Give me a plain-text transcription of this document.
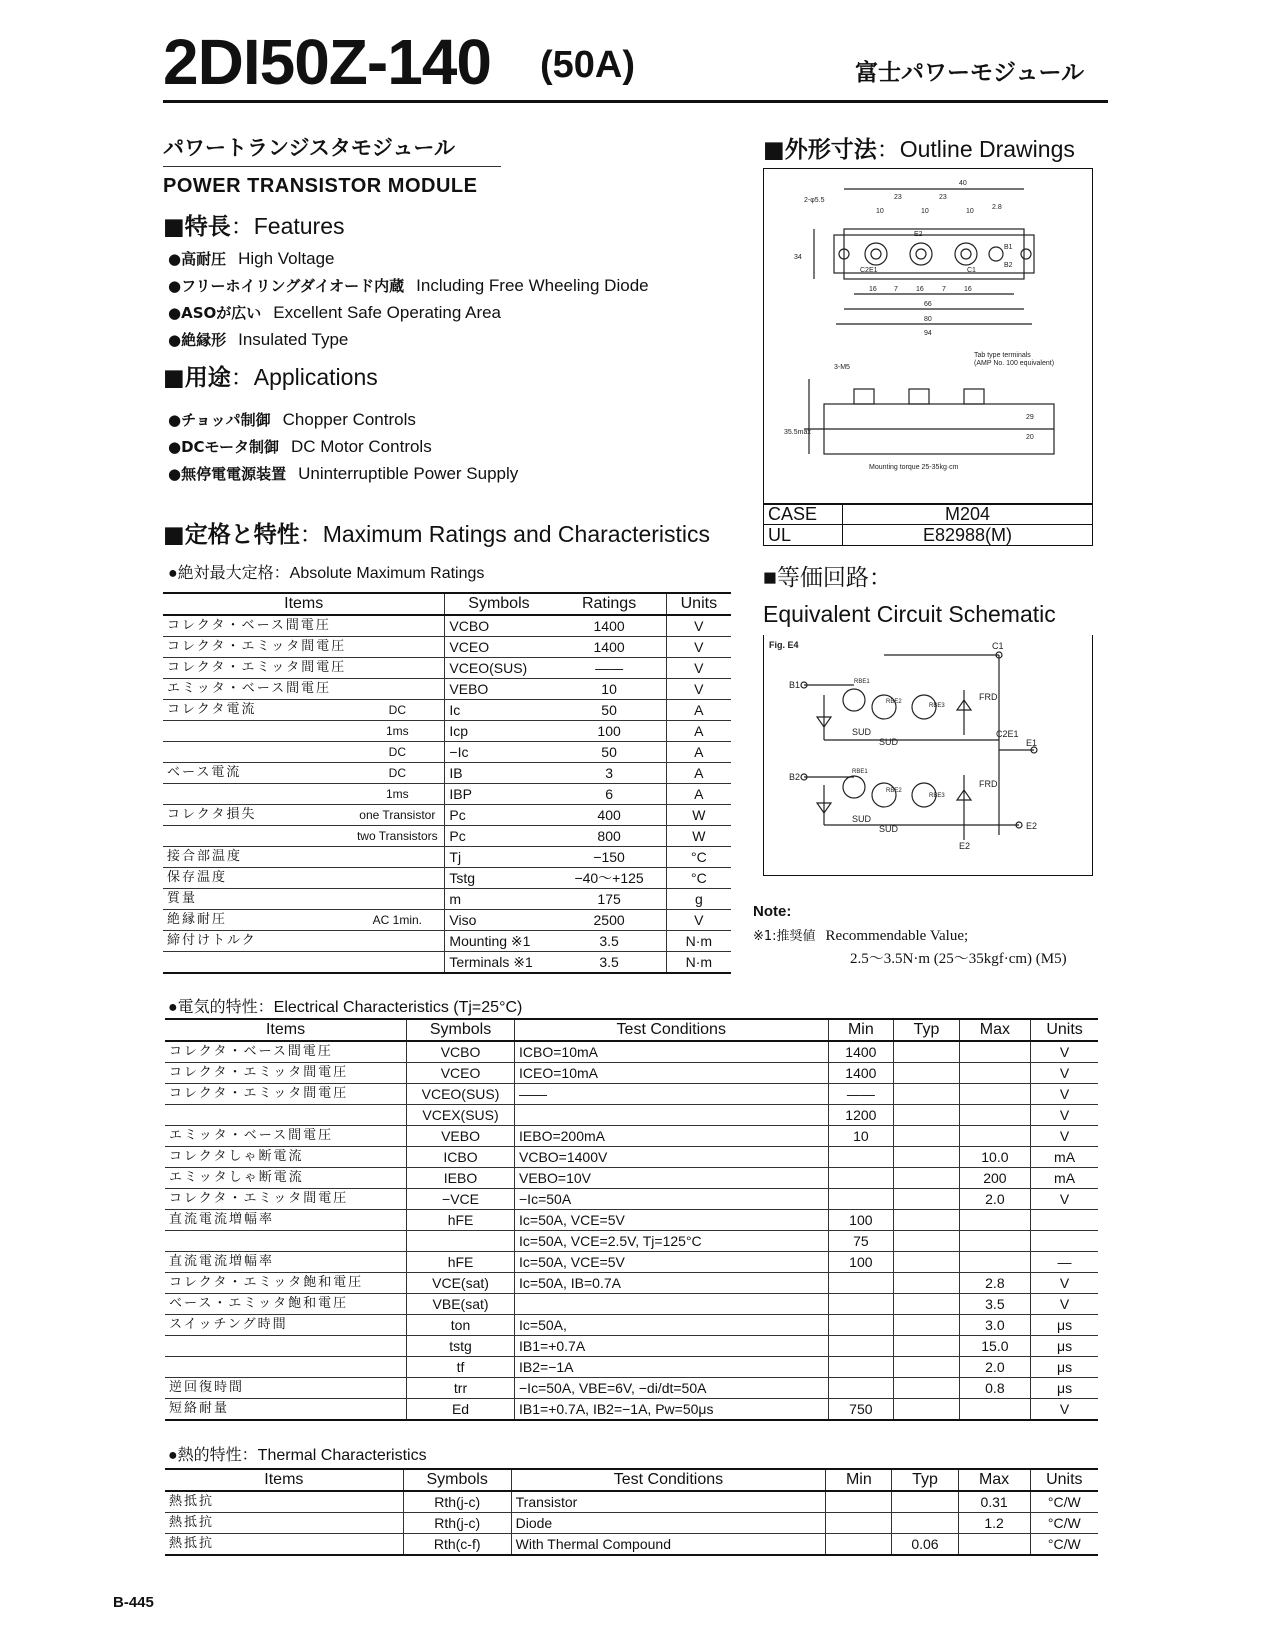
2DI50Z-140 (50A)	富士パワーモジュール
パワートランジスタモジュール
POWER TRANSISTOR MODULE
■特長：Features
●高耐圧 High Voltage
●フリーホイリングダイオード内蔵 Including Free Wheeling Diode
●ASOが広い Excellent Safe Operating Area
●絶縁形 Insulated Type
■用途：Applications
●チョッパ制御 Chopper Controls
●DCモータ制御 DC Motor Controls
●無停電電源装置 Uninterruptible Power Supply
■定格と特性：Maximum Ratings and Characteristics
●絶対最大定格：Absolute Maximum Ratings
Items		Symbols	Ratings	Units
コレクタ・ベース間電圧		VCBO	1400	V
コレクタ・エミッタ間電圧		VCEO	1400	V
コレクタ・エミッタ間電圧		VCEO(SUS)	――	V
エミッタ・ベース間電圧		VEBO	10	V
コレクタ電流	DC	Ic	50	A
	1ms	Icp	100	A
	DC	−Ic	50	A
ベース電流	DC	IB	3	A
	1ms	IBP	6	A
コレクタ損失	one Transistor	Pc	400	W
	two Transistors	Pc	800	W
接合部温度		Tj	−150	°C
保存温度		Tstg	−40～+125	°C
質量		m	175	g
絶縁耐圧	AC 1min.	Viso	2500	V
締付けトルク		Mounting ※1	3.5	N·m
		Terminals ※1	3.5	N·m
■外形寸法：Outline Drawings
40
2-φ5.5	23	23
10	10	10
2.8
E2
C2E1	C1
B1
B2
16 7	16	7	16
66
80
94
34
3-M5
Tab type terminals
(AMP No. 100 equivalent)
Mounting torque 25-35kg·cm
35.5max
29
20
CASE	M204
UL	E82988(M)
■等価回路：
Equivalent Circuit Schematic
Fig. E4	C1
B1
B2
C2E1
E1
E2
E2
FRD
FRD
SUD
SUD
SUD
SUD
RBE1
RBE2
RBE3
RBE1
RBE2
RBE3
Note:
※1:推奨値 Recommendable Value;
2.5～3.5N·m (25～35kgf·cm) (M5)
●電気的特性：Electrical Characteristics (Tj=25°C)
Items	Symbols	Test Conditions	Min	Typ	Max	Units
コレクタ・ベース間電圧	VCBO	ICBO=10mA	1400			V
コレクタ・エミッタ間電圧	VCEO	ICEO=10mA	1400			V
コレクタ・エミッタ間電圧	VCEO(SUS)	――	――			V
	VCEX(SUS)		1200			V
エミッタ・ベース間電圧	VEBO	IEBO=200mA	10			V
コレクタしゃ断電流	ICBO	VCBO=1400V			10.0	mA
エミッタしゃ断電流	IEBO	VEBO=10V			200	mA
コレクタ・エミッタ間電圧	−VCE	−Ic=50A			2.0	V
直流電流増幅率	hFE	Ic=50A, VCE=5V	100			
		Ic=50A, VCE=2.5V, Tj=125°C	75			
直流電流増幅率	hFE	Ic=50A, VCE=5V	100			—
コレクタ・エミッタ飽和電圧	VCE(sat)	Ic=50A, IB=0.7A			2.8	V
ベース・エミッタ飽和電圧	VBE(sat)				3.5	V
スイッチング時間	ton	Ic=50A,			3.0	μs
	tstg	IB1=+0.7A			15.0	μs
	tf	IB2=−1A			2.0	μs
逆回復時間	trr	−Ic=50A, VBE=6V, −di/dt=50A			0.8	μs
短絡耐量	Ed	IB1=+0.7A, IB2=−1A, Pw=50μs	750			V
●熱的特性：Thermal Characteristics
Items	Symbols	Test Conditions	Min	Typ	Max	Units
熱抵抗	Rth(j-c)	Transistor			0.31	°C/W
熱抵抗	Rth(j-c)	Diode			1.2	°C/W
熱抵抗	Rth(c-f)	With Thermal Compound		0.06		°C/W
B-445
